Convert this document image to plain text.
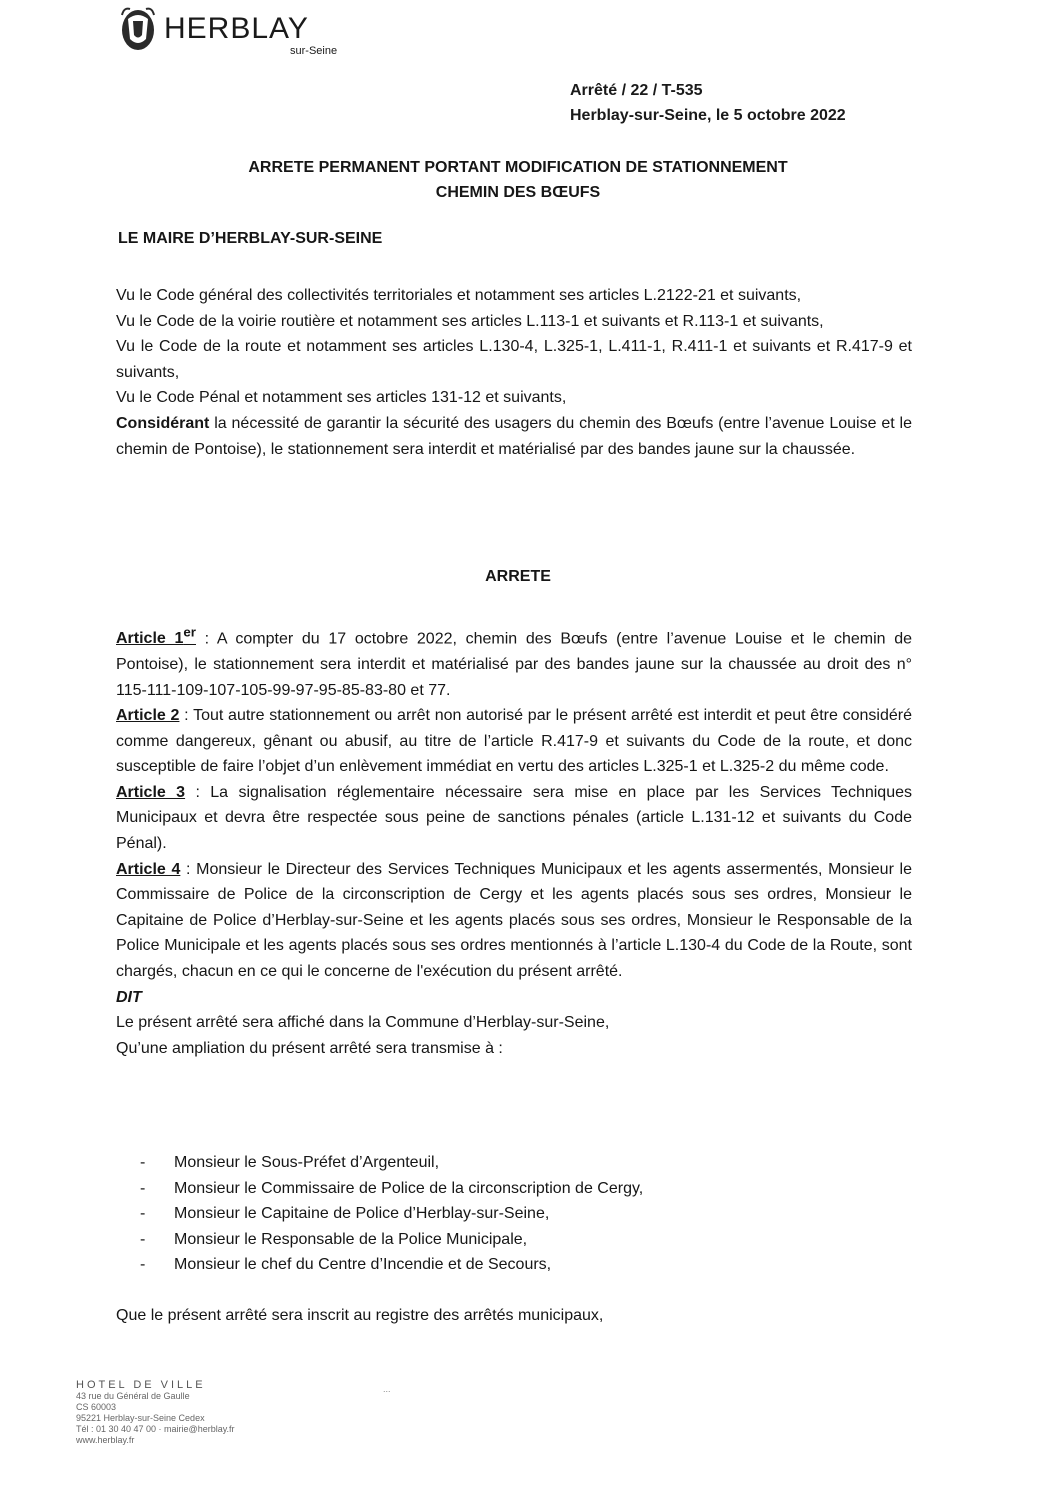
HERBLAY
sur-Seine
Arrêté / 22 / T-535
Herblay-sur-Seine, le 5 octobre 2022
ARRETE PERMANENT PORTANT MODIFICATION DE STATIONNEMENT
CHEMIN DES BŒUFS
LE MAIRE D’HERBLAY-SUR-SEINE

Vu le Code général des collectivités territoriales et notamment ses articles L.2122-21 et suivants,

Vu le Code de la voirie routière et notamment ses articles L.113-1 et suivants et R.113-1 et suivants,

Vu le Code de la route et notamment ses articles L.130-4, L.325-1, L.411-1, R.411-1 et suivants et R.417-9 et suivants,

Vu le Code Pénal et notamment ses articles 131-12 et suivants,

Considérant la nécessité de garantir la sécurité des usagers du chemin des Bœufs (entre l’avenue Louise et le chemin de Pontoise), le stationnement sera interdit et matérialisé par des bandes jaune sur la chaussée.

ARRETE

Article 1er : A compter du 17 octobre 2022, chemin des Bœufs (entre l’avenue Louise et le chemin de Pontoise), le stationnement sera interdit et matérialisé par des bandes jaune sur la chaussée au droit des n° 115-111-109-107-105-99-97-95-85-83-80 et 77.

Article 2 : Tout autre stationnement ou arrêt non autorisé par le présent arrêté est interdit et peut être considéré comme dangereux, gênant ou abusif, au titre de l’article R.417-9 et suivants du Code de la route, et donc susceptible de faire l’objet d’un enlèvement immédiat en vertu des articles L.325-1 et L.325-2 du même code.

Article 3 : La signalisation réglementaire nécessaire sera mise en place par les Services Techniques Municipaux et devra être respectée sous peine de sanctions pénales (article L.131-12 et suivants du Code Pénal).

Article 4 : Monsieur le Directeur des Services Techniques Municipaux et les agents assermentés, Monsieur le Commissaire de Police de la circonscription de Cergy et les agents placés sous ses ordres, Monsieur le Capitaine de Police d’Herblay-sur-Seine et les agents placés sous ses ordres, Monsieur le Responsable de la Police Municipale et les agents placés sous ses ordres mentionnés à l’article L.130-4 du Code de la Route, sont chargés, chacun en ce qui le concerne de l'exécution du présent arrêté.

DIT

Le présent arrêté sera affiché dans la Commune d’Herblay-sur-Seine,

Qu’une ampliation du présent arrêté sera transmise à :

- Monsieur le Sous-Préfet d’Argenteuil,
- Monsieur le Commissaire de Police de la circonscription de Cergy,
- Monsieur le Capitaine de Police d’Herblay-sur-Seine,
- Monsieur le Responsable de la Police Municipale,
- Monsieur le chef du Centre d’Incendie et de Secours,
Que le présent arrêté sera inscrit au registre des arrêtés municipaux,
HOTEL DE VILLE
43 rue du Général de Gaulle
CS 60003
95221 Herblay-sur-Seine Cedex
Tél : 01 30 40 47 00 · mairie@herblay.fr
www.herblay.fr
...
